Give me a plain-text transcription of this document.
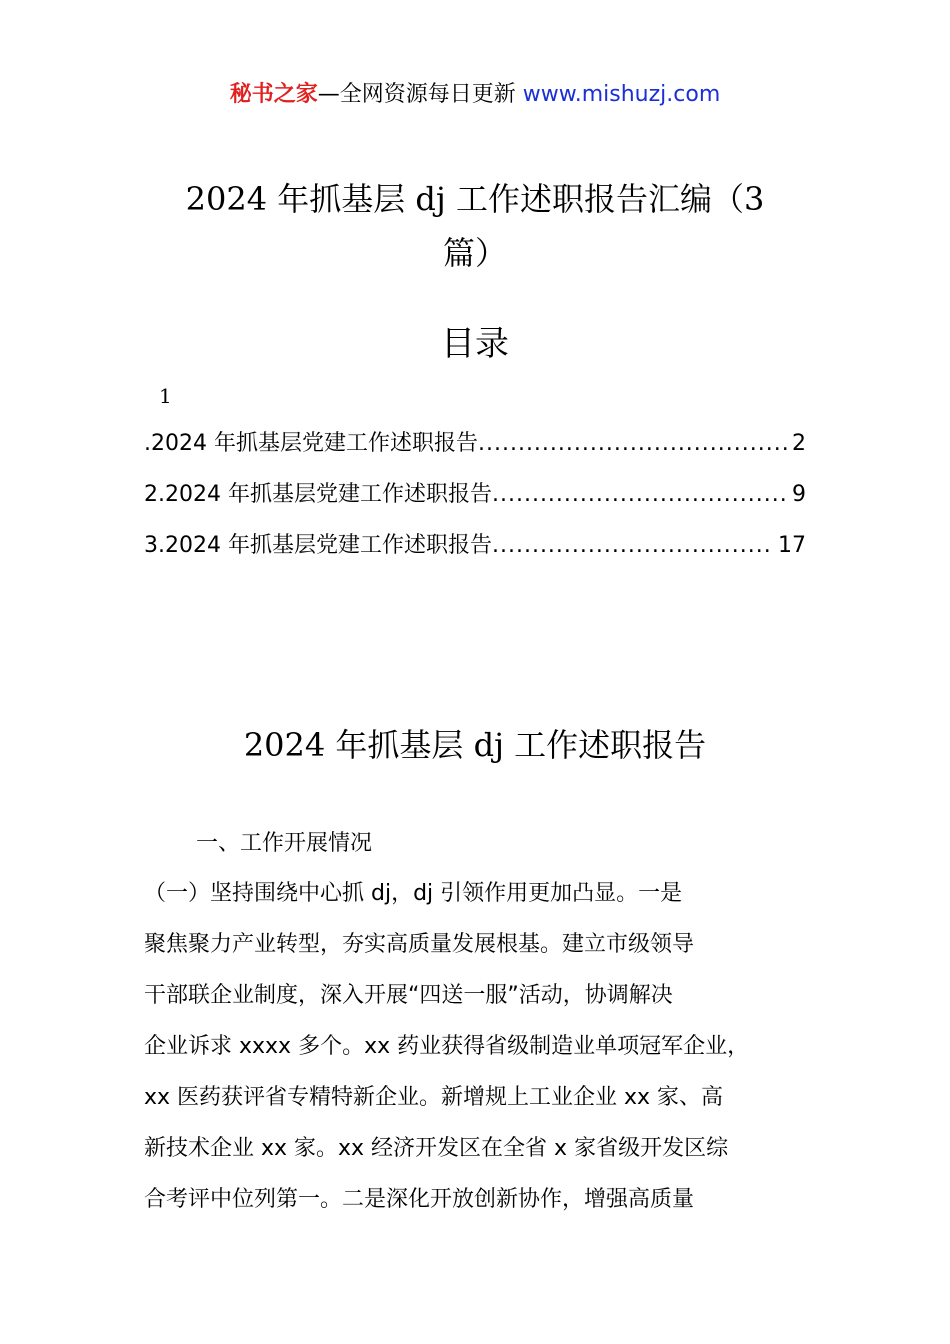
秘书之家—全网资源每日更新 www.mishuzj.com
2024 年抓基层 dj 工作述职报告汇编（3
篇）
目录
1
.2024 年抓基层党建工作述职报告 .....	2
2.2024 年抓基层党建工作述职报告 .....	9
3.2024 年抓基层党建工作述职报告 .....	17
2024 年抓基层 dj 工作述职报告
一、工作开展情况
（一）坚持围绕中心抓 dj，dj 引领作用更加凸显。一是
聚焦聚力产业转型，夯实高质量发展根基。建立市级领导
干部联企业制度，深入开展“四送一服”活动，协调解决
企业诉求 xxxx 多个。xx 药业获得省级制造业单项冠军企业，
xx 医药获评省专精特新企业。新增规上工业企业 xx 家、高
新技术企业 xx 家。xx 经济开发区在全省 x 家省级开发区综
合考评中位列第一。二是深化开放创新协作，增强高质量
